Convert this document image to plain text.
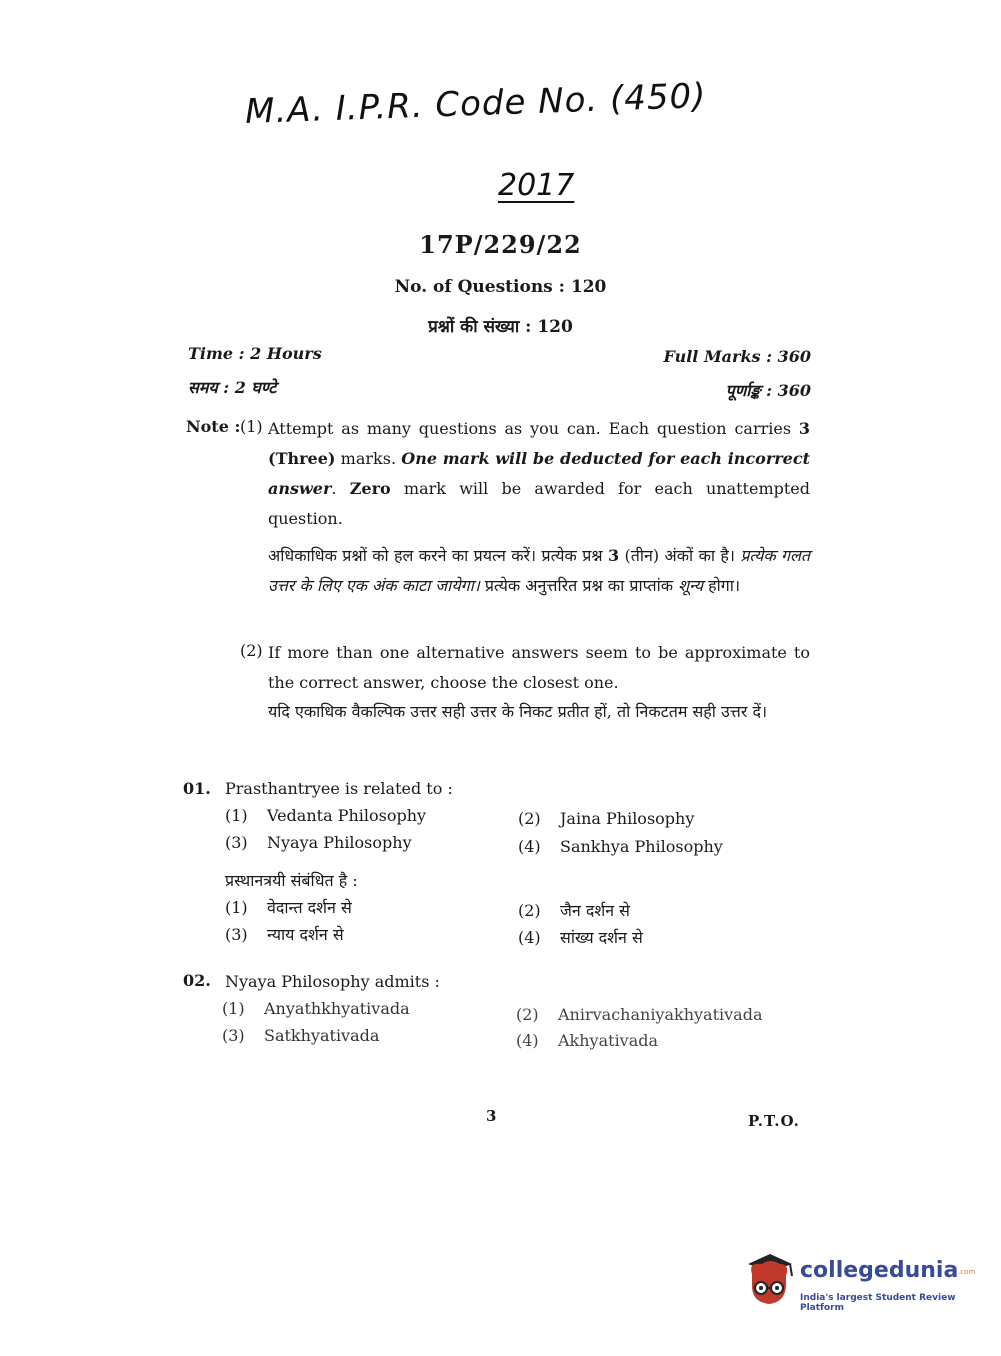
M.A. I.P.R. Code No. (450)
2017
17P/229/22
No. of Questions : 120
प्रश्नों की संख्या : 120
Time : 2 Hours
समय : 2 घण्टे
Full Marks : 360
पूर्णाङ्क : 360
Note : (1) Attempt as many questions as you can. Each question carries 3 (Three) marks. One mark will be deducted for each incorrect answer. Zero mark will be awarded for each unattempted question.
अधिकाधिक प्रश्नों को हल करने का प्रयत्न करें। प्रत्येक प्रश्न 3 (तीन) अंकों का है। प्रत्येक गलत उत्तर के लिए एक अंक काटा जायेगा। प्रत्येक अनुत्तरित प्रश्न का प्राप्तांक शून्य होगा।
(2) If more than one alternative answers seem to be approximate to the correct answer, choose the closest one.
यदि एकाधिक वैकल्पिक उत्तर सही उत्तर के निकट प्रतीत हों, तो निकटतम सही उत्तर दें।
01. Prasthantryee is related to :
(1) Vedanta Philosophy	(2) Jaina Philosophy
(3) Nyaya Philosophy	(4) Sankhya Philosophy
प्रस्थानत्रयी संबंधित है :
(1) वेदान्त दर्शन से	(2) जैन दर्शन से
(3) न्याय दर्शन से	(4) सांख्य दर्शन से
02. Nyaya Philosophy admits :
(1) Anyathkhyativada	(2) Anirvachaniyakhyativada
(3) Satkhyativada	(4) Akhyativada
3	P.T.O.
collegedunia .com
India's largest Student Review Platform
